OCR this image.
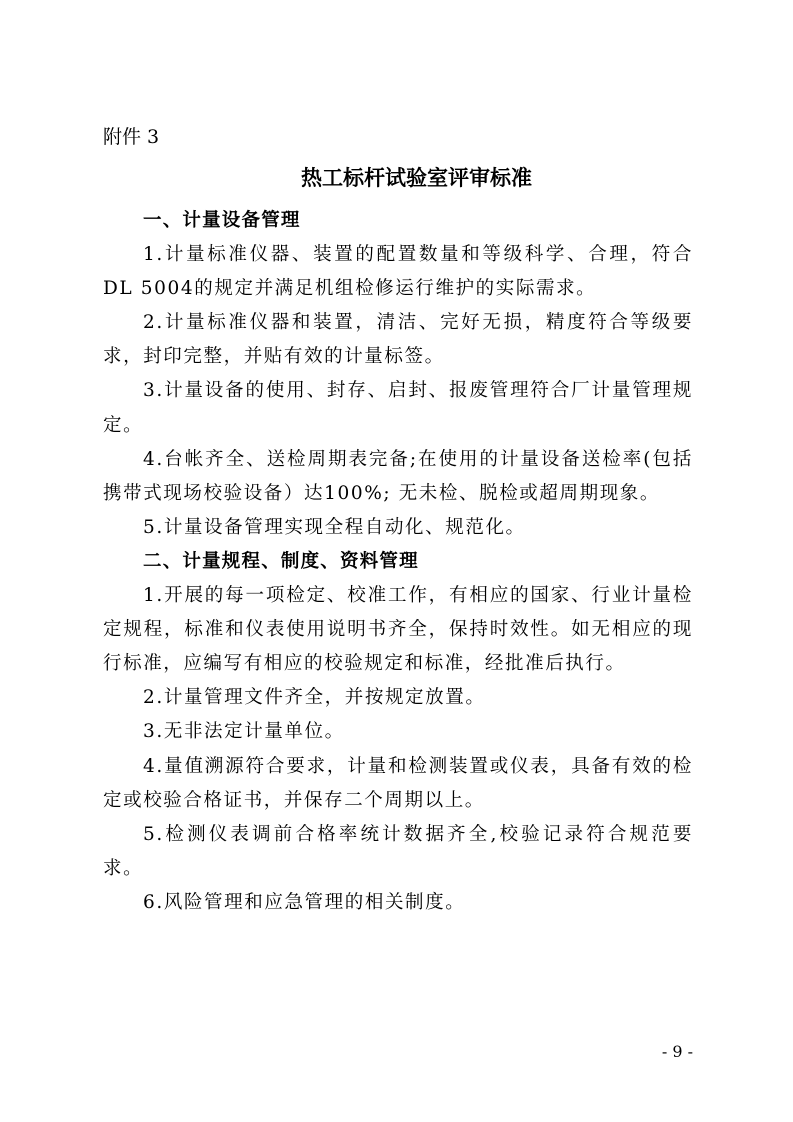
附件 3
热工标杆试验室评审标准

一、计量设备管理

1.计量标准仪器、装置的配置数量和等级科学、合理，符合DL 5004的规定并满足机组检修运行维护的实际需求。

2.计量标准仪器和装置，清洁、完好无损，精度符合等级要求，封印完整，并贴有效的计量标签。

3.计量设备的使用、封存、启封、报废管理符合厂计量管理规定。

4.台帐齐全、送检周期表完备;在使用的计量设备送检率(包括携带式现场校验设备）达100%; 无未检、脱检或超周期现象。

5.计量设备管理实现全程自动化、规范化。

二、计量规程、制度、资料管理

1.开展的每一项检定、校准工作，有相应的国家、行业计量检定规程，标准和仪表使用说明书齐全，保持时效性。如无相应的现行标准，应编写有相应的校验规定和标准，经批准后执行。

2.计量管理文件齐全，并按规定放置。

3.无非法定计量单位。

4.量值溯源符合要求，计量和检测装置或仪表，具备有效的检定或校验合格证书，并保存二个周期以上。

5.检测仪表调前合格率统计数据齐全,校验记录符合规范要求。

6.风险管理和应急管理的相关制度。

- 9 -
